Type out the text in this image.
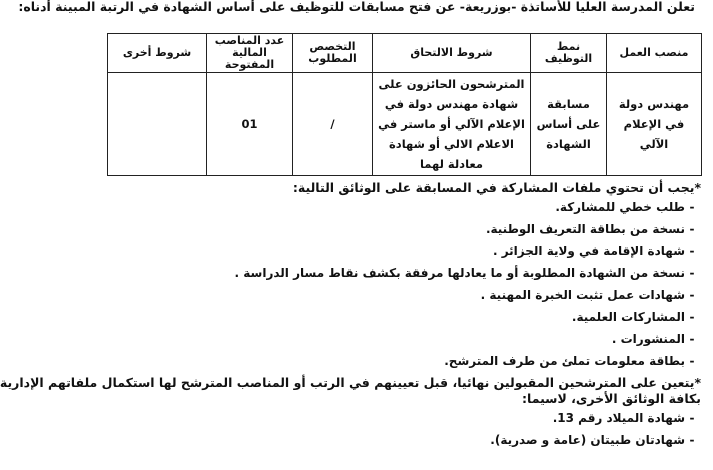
تعلن المدرسة العليا للأساتذة -بوزريعة- عن فتح مسابقات للتوظيف على أساس الشهادة في الرتبة المبينة أدناه:
منصب العمل	نمط التوظيف	شروط الالتحاق	التخصص المطلوب	عدد المناصب المالية المفتوحة	شروط أخرى
مهندس دولة في الإعلام الآلي	مسابقة على أساس الشهادة	المترشحون الحائزون على شهادة مهندس دولة في الإعلام الآلي أو ماستر في الاعلام الالي أو شهادة معادلة لهما	/	01	
*يجب أن تحتوي ملفات المشاركة في المسابقة على الوثائق التالية:
-طلب خطي للمشاركة.
-نسخة من بطاقة التعريف الوطنية.
-شهادة الإقامة في ولاية الجزائر .
-نسخة من الشهادة المطلوبة أو ما يعادلها مرفقة بكشف نقاط مسار الدراسة .
-شهادات عمل تثبت الخبرة المهنية .
-المشاركات العلمية.
-المنشورات .
-بطاقة معلومات تملئ من طرف المترشح.
*يتعين على المترشحين المقبولين نهائيا، قبل تعيينهم في الرتب أو المناصب المترشح لها استكمال ملفاتهم الإدارية
بكافة الوثائق الأخرى، لاسيما:
-شهادة الميلاد رقم 13.
-شهادتان طبيتان (عامة و صدرية).
